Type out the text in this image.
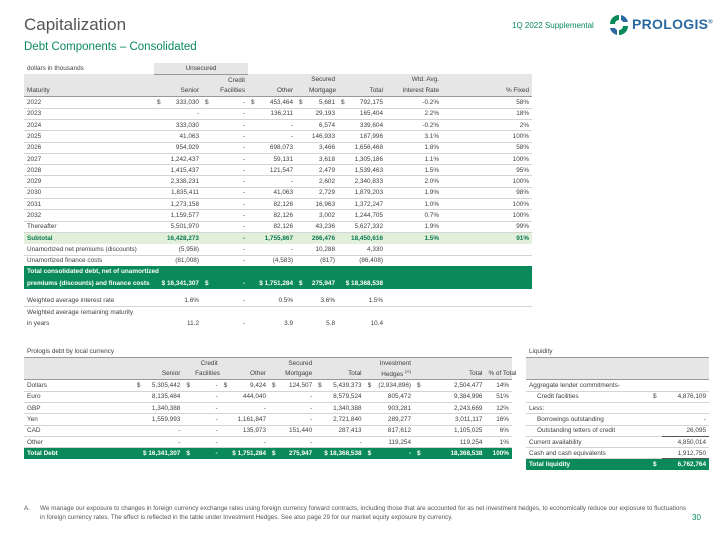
Capitalization
Debt Components – Consolidated
1Q 2022 Supplemental	PROLOGIS®
dollars in thousands	Unsecured											
				Credit				Secured			Wtd. Avg.	
Maturity		Senior		Facilities		Other		Mortgage		Total	Interest Rate	% Fixed
2022	$	333,030	$	-	$	453,464	$	5,681	$	792,175	-0.2%	58%
2023		-		-		136,211		29,193		165,404	2.2%	18%
2024		333,030		-		-		6,574		339,604	-0.2%	2%
2025		41,063		-		-		146,933		187,996	3.1%	100%
2026		954,929		-		698,073		3,466		1,656,468	1.8%	58%
2027		1,242,437		-		59,131		3,618		1,305,186	1.1%	100%
2028		1,415,437		-		121,547		2,479		1,539,463	1.5%	95%
2029		2,338,231		-		-		2,602		2,340,833	2.0%	100%
2030		1,835,411		-		41,063		2,729		1,879,203	1.9%	98%
2031		1,273,158		-		82,126		16,963		1,372,247	1.0%	100%
2032		1,159,577		-		82,126		3,002		1,244,705	0.7%	100%
Thereafter		5,501,970		-		82,126		43,236		5,627,332	1.9%	99%
Subtotal		16,428,273		-		1,755,867		266,476		18,450,616	1.5%	91%
Unamortized net premiums (discounts)		(5,958)		-		-		10,288		4,330		
Unamortized finance costs		(81,008)		-		(4,583)		(817)		(86,408)		
Total consolidated debt, net of unamortized												
premiums (discounts) and finance costs	$ 16,341,307		$	-	$ 1,751,284		$	275,947	$ 18,368,538			

Weighted average interest rate		1.6%		-		0.5%		3.6%		1.5%		
Weighted average remaining maturity												
in years		11.2		-		3.9		5.8		10.4		
Prologis debt by local currency															
				Credit				Secured				Investment			
		Senior		Facilities		Other		Mortgage		Total		Hedges $^{(A)}$		Total	% of Total
Dollars	$	5,305,442	$	-	$	9,424	$	124,507	$	5,439,373	$	(2,934,896)	$	2,504,477	14%
Euro		8,135,484		-		444,040		-		8,579,524		805,472		9,384,996	51%
GBP		1,340,388		-		-		-		1,340,388		903,281		2,243,669	12%
Yen		1,559,993		-		1,161,847		-		2,721,840		289,277		3,011,117	16%
CAD		-		-		135,973		151,440		287,413		817,612		1,105,025	6%
Other		-		-		-		-		-		119,254		119,254	1%
Total Debt	$ 16,341,307		$	-	$ 1,751,284		$	275,947	$ 18,368,538		$	-	$	18,368,538	100%
Liquidity		

Aggregate lender commitments-		
Credit facilities	$	4,876,109
Less:		
Borrowings outstanding		-
Outstanding letters of credit		26,095
Current availability		4,850,014
Cash and cash equivalents		1,912,750
Total liquidity	$	6,762,764
A. We manage our exposure to changes in foreign currency exchange rates using foreign currency forward contracts, including those that are accounted for as net investment hedges, to economically reduce our exposure to fluctuations in foreign currency rates. The effect is reflected in the table under Investment Hedges. See also page 29 for our market equity exposure by currency.	30
